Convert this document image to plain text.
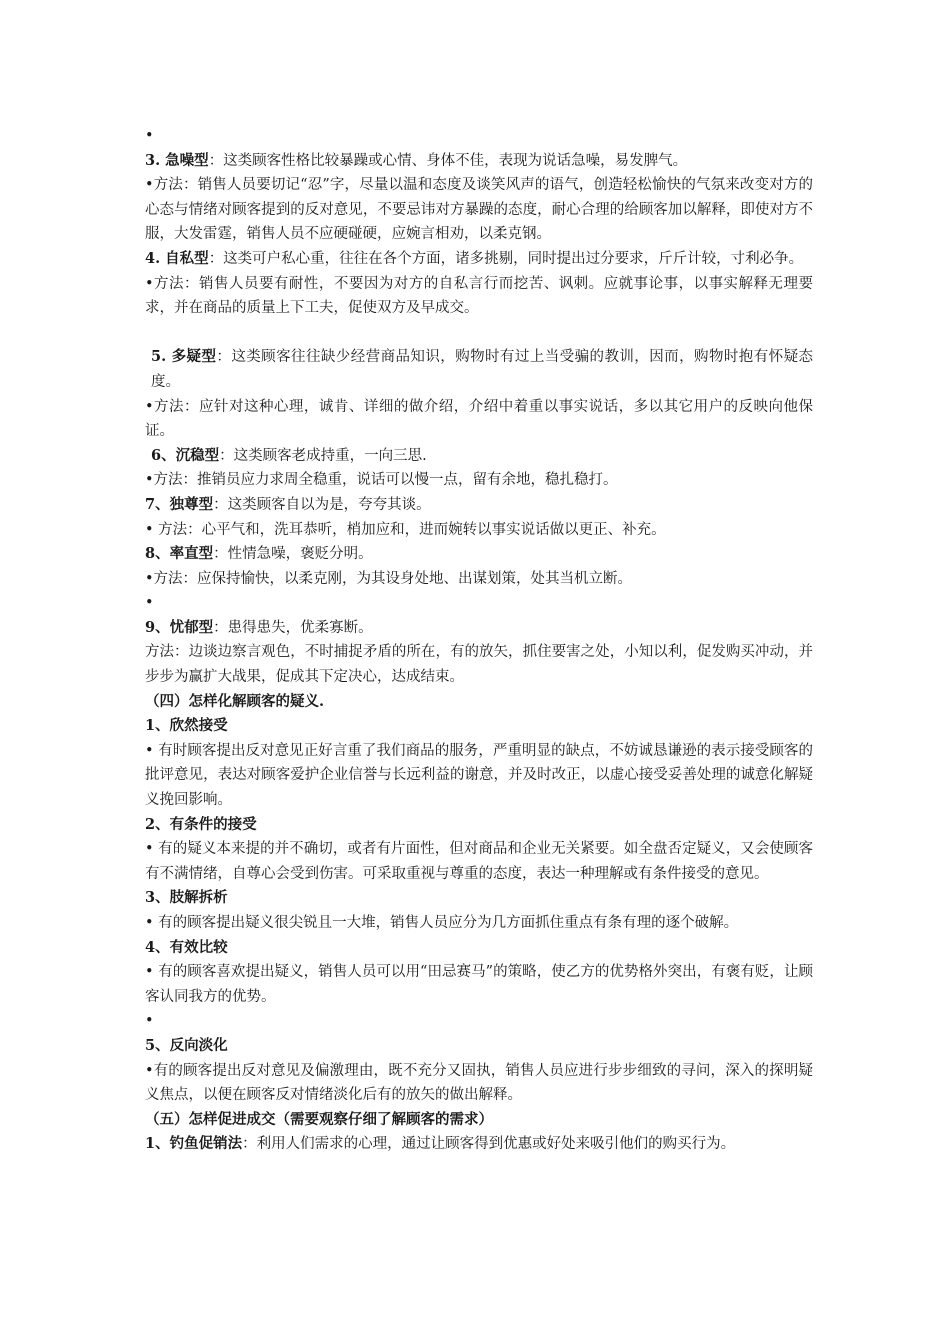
•

3. 急噪型：这类顾客性格比较暴躁或心情、身体不佳，表现为说话急噪，易发脾气。

•方法：销售人员要切记“忍”字，尽量以温和态度及谈笑风声的语气，创造轻松愉快的气氛来改变对方的心态与情绪对顾客提到的反对意见，不要忌讳对方暴躁的态度，耐心合理的给顾客加以解释，即使对方不服，大发雷霆，销售人员不应硬碰硬，应婉言相劝，以柔克钢。

4. 自私型：这类可户私心重，往往在各个方面，诸多挑剔，同时提出过分要求，斤斤计较，寸利必争。

•方法：销售人员要有耐性，不要因为对方的自私言行而挖苦、讽刺。应就事论事，以事实解释无理要求，并在商品的质量上下工夫，促使双方及早成交。

5. 多疑型：这类顾客往往缺少经营商品知识，购物时有过上当受骗的教训，因而，购物时抱有怀疑态度。

•方法：应针对这种心理，诚肯、详细的做介绍，介绍中着重以事实说话，多以其它用户的反映向他保证。

6、沉稳型：这类顾客老成持重，一向三思.

•方法：推销员应力求周全稳重，说话可以慢一点，留有余地，稳扎稳打。

7、独尊型：这类顾客自以为是，夸夸其谈。

• 方法：心平气和，洗耳恭听，梢加应和，进而婉转以事实说话做以更正、补充。

8、率直型：性情急噪，褒贬分明。

•方法：应保持愉快，以柔克刚，为其设身处地、出谋划策，处其当机立断。

•

9、忧郁型：患得患失，优柔寡断。

方法：边谈边察言观色，不时捕捉矛盾的所在，有的放矢，抓住要害之处，小知以利，促发购买冲动，并步步为赢扩大战果，促成其下定决心，达成结束。

（四）怎样化解顾客的疑义.

1、欣然接受

• 有时顾客提出反对意见正好言重了我们商品的服务，严重明显的缺点，不妨诚恳谦逊的表示接受顾客的批评意见，表达对顾客爱护企业信誉与长远利益的谢意，并及时改正，以虚心接受妥善处理的诚意化解疑义挽回影响。

2、有条件的接受

• 有的疑义本来提的并不确切，或者有片面性，但对商品和企业无关紧要。如全盘否定疑义，又会使顾客有不满情绪，自尊心会受到伤害。可采取重视与尊重的态度，表达一种理解或有条件接受的意见。

3、肢解拆析

• 有的顾客提出疑义很尖锐且一大堆，销售人员应分为几方面抓住重点有条有理的逐个破解。

4、有效比较

• 有的顾客喜欢提出疑义，销售人员可以用“田忌赛马”的策略，使乙方的优势格外突出，有褒有贬，让顾客认同我方的优势。

•

5、反向淡化

•有的顾客提出反对意见及偏激理由，既不充分又固执，销售人员应进行步步细致的寻问，深入的探明疑义焦点，以便在顾客反对情绪淡化后有的放矢的做出解释。

（五）怎样促进成交（需要观察仔细了解顾客的需求）

1、钓鱼促销法：利用人们需求的心理，通过让顾客得到优惠或好处来吸引他们的购买行为。
